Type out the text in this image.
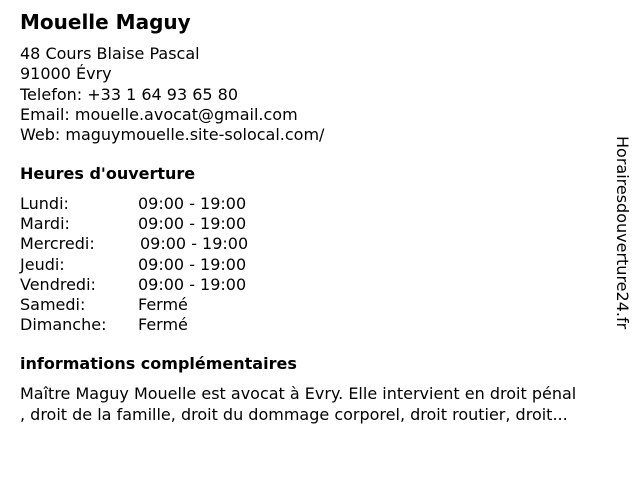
Mouelle Maguy
48 Cours Blaise Pascal
91000 Évry
Telefon: +33 1 64 93 65 80
Email: mouelle.avocat@gmail.com
Web: maguymouelle.site-solocal.com/
Heures d'ouverture
Lundi:	09:00 - 19:00
Mardi:	09:00 - 19:00
Mercredi:	09:00 - 19:00
Jeudi:	09:00 - 19:00
Vendredi:	09:00 - 19:00
Samedi:	Fermé
Dimanche: Fermé
informations complémentaires
Maître Maguy Mouelle est avocat à Evry. Elle intervient en droit pénal
, droit de la famille, droit du dommage corporel, droit routier, droit...
Horairesdouverture24.fr
